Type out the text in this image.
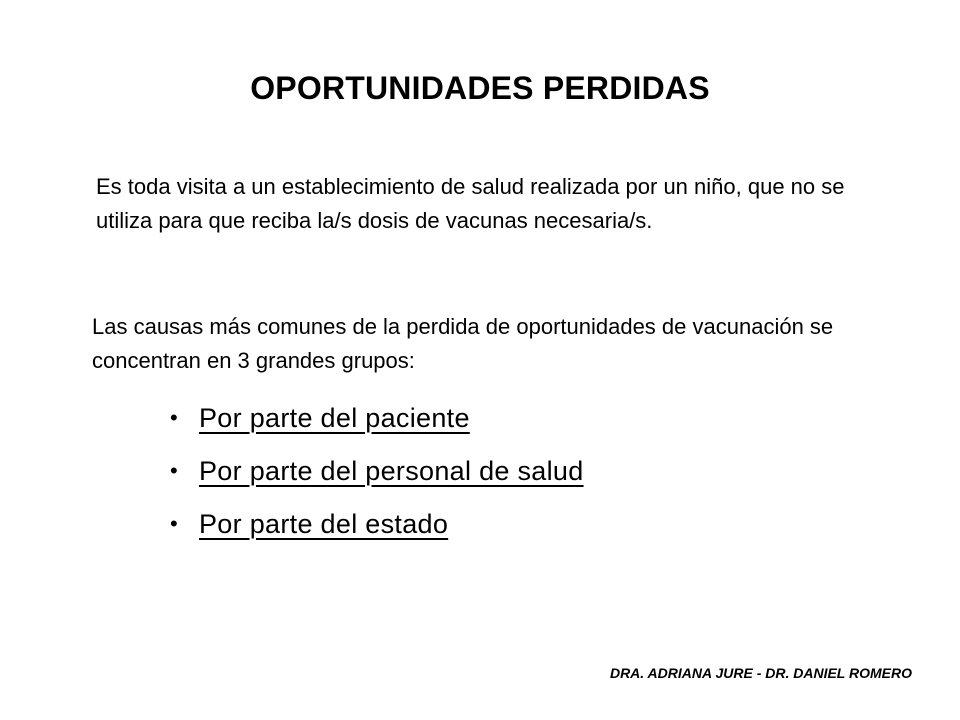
OPORTUNIDADES PERDIDAS

Es toda visita a un establecimiento de salud realizada por un niño, que no se utiliza para que reciba la/s dosis de vacunas necesaria/s.

Las causas más comunes de la perdida de oportunidades de vacunación se concentran en 3 grandes grupos:

• Por parte del paciente
• Por parte del personal de salud
• Por parte del estado
DRA. ADRIANA JURE - DR. DANIEL ROMERO
